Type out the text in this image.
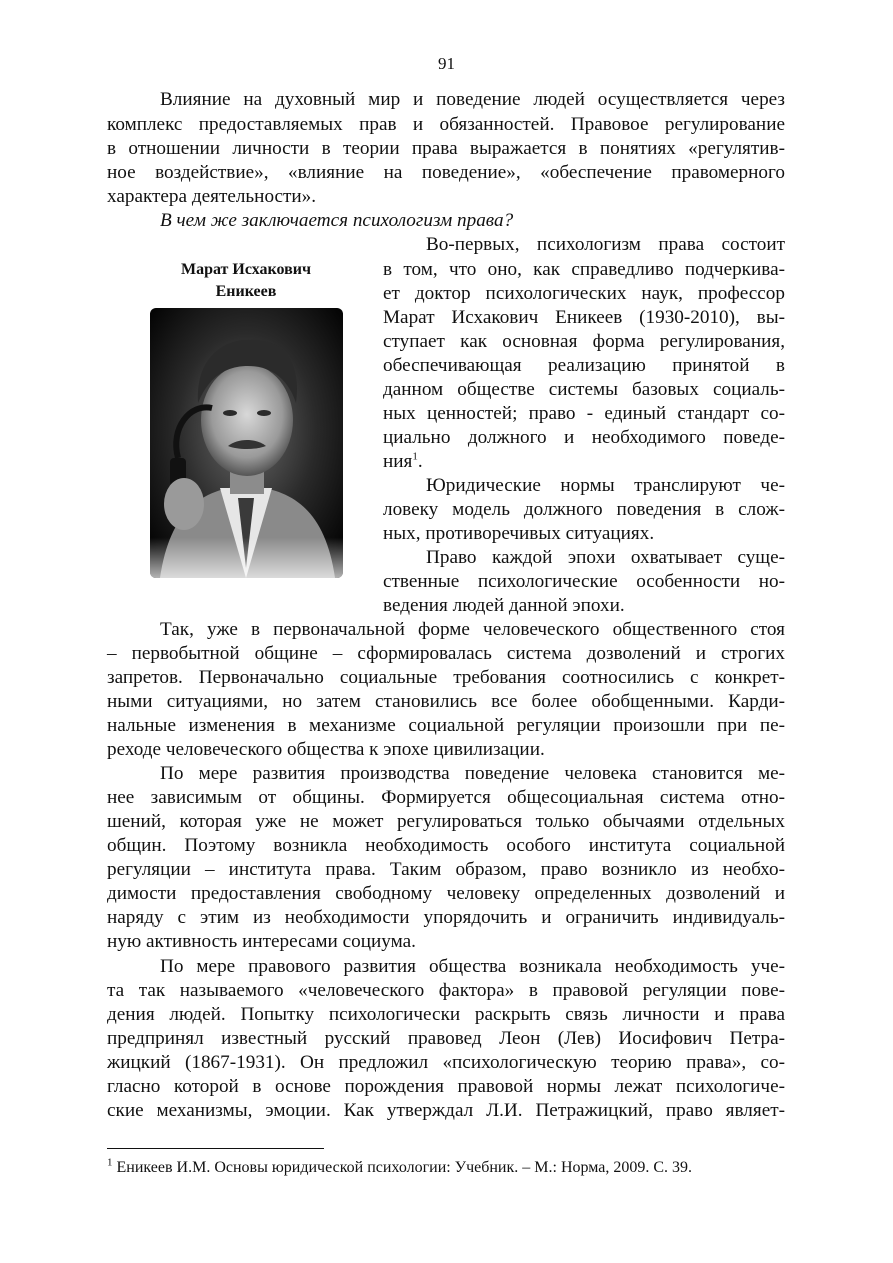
91
Влияние на духовный мир и поведение людей осуществляется через
комплекс предоставляемых прав и обязанностей. Правовое регулирование
в отношении личности в теории права выражается в понятиях «регулятив-
ное воздействие», «влияние на поведение», «обеспечение правомерного
характера деятельности».
В чем же заключается психологизм права?
Марат Исхакович
Еникеев
Во-первых, психологизм права состоит
в том, что оно, как справедливо подчеркива-
ет доктор психологических наук, профессор
Марат Исхакович Еникеев (1930-2010), вы-
ступает как основная форма регулирования,
обеспечивающая реализацию принятой в
данном обществе системы базовых социаль-
ных ценностей; право - единый стандарт со-
циально должного и необходимого поведе-
ния$^1$.
Юридические нормы транслируют че-
ловеку модель должного поведения в слож-
ных, противоречивых ситуациях.
Право каждой эпохи охватывает суще-
ственные психологические особенности но-
ведения людей данной эпохи.
Так, уже в первоначальной форме человеческого общественного стоя
– первобытной общине – сформировалась система дозволений и строгих
запретов. Первоначально социальные требования соотносились с конкрет-
ными ситуациями, но затем становились все более обобщенными. Карди-
нальные изменения в механизме социальной регуляции произошли при пе-
реходе человеческого общества к эпохе цивилизации.
По мере развития производства поведение человека становится ме-
нее зависимым от общины. Формируется общесоциальная система отно-
шений, которая уже не может регулироваться только обычаями отдельных
общин. Поэтому возникла необходимость особого института социальной
регуляции – института права. Таким образом, право возникло из необхо-
димости предоставления свободному человеку определенных дозволений и
наряду с этим из необходимости упорядочить и ограничить индивидуаль-
ную активность интересами социума.
По мере правового развития общества возникала необходимость уче-
та так называемого «человеческого фактора» в правовой регуляции пове-
дения людей. Попытку психологически раскрыть связь личности и права
предпринял известный русский правовед Леон (Лев) Иосифович Петра-
жицкий (1867-1931). Он предложил «психологическую теорию права», со-
гласно которой в основе порождения правовой нормы лежат психологиче-
ские механизмы, эмоции. Как утверждал Л.И. Петражицкий, право являет-
$^1$ Еникеев И.М. Основы юридической психологии: Учебник. – М.: Норма, 2009. С. 39.
